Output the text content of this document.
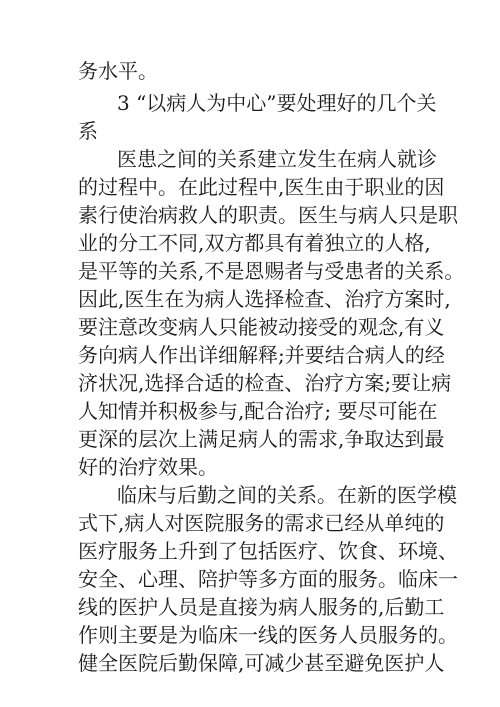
务水平。
3 “以病人为中心”要处理好的几个关
系
医患之间的关系建立发生在病人就诊
的过程中。在此过程中,医生由于职业的因
素行使治病救人的职责。医生与病人只是职
业的分工不同,双方都具有着独立的人格,
是平等的关系,不是恩赐者与受患者的关系。
因此,医生在为病人选择检查、治疗方案时,
要注意改变病人只能被动接受的观念,有义
务向病人作出详细解释;并要结合病人的经
济状况,选择合适的检查、治疗方案;要让病
人知情并积极参与,配合治疗; 要尽可能在
更深的层次上满足病人的需求,争取达到最
好的治疗效果。
临床与后勤之间的关系。在新的医学模
式下,病人对医院服务的需求已经从单纯的
医疗服务上升到了包括医疗、饮食、环境、
安全、心理、陪护等多方面的服务。临床一
线的医护人员是直接为病人服务的,后勤工
作则主要是为临床一线的医务人员服务的。
健全医院后勤保障,可减少甚至避免医护人
